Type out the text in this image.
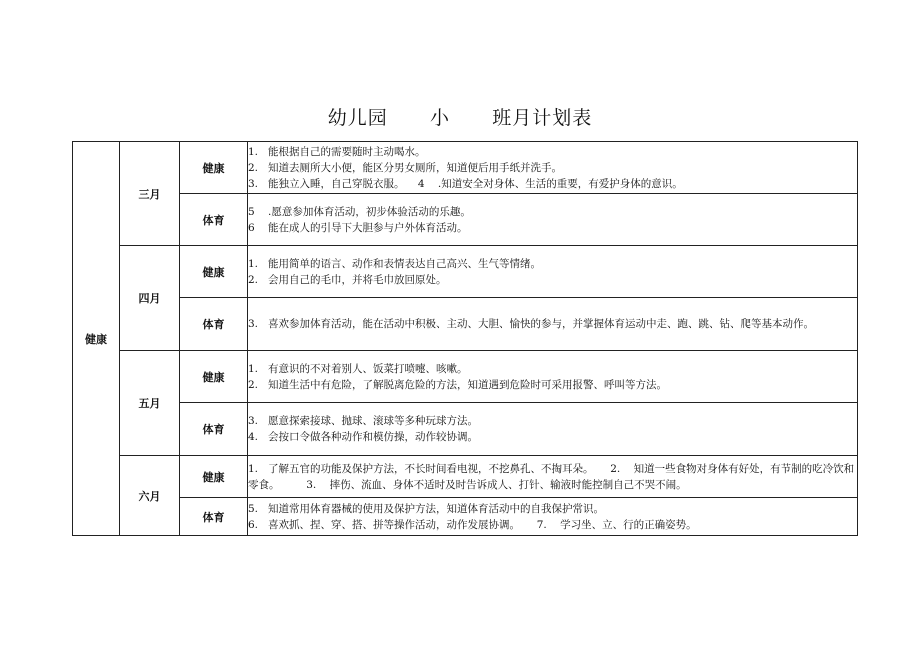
幼儿园      小      班月计划表
健康	三月	健康	1.   能根据自己的需要随时主动喝水。
2.   知道去厕所大小便，能区分男女厕所，知道便后用手纸并洗手。
3.   能独立入睡，自己穿脱衣服。    4    .知道安全对身体、生活的重要，有爱护身体的意识。

		体育	5    .愿意参加体育活动，初步体验活动的乐趣。
6    能在成人的引导下大胆参与户外体育活动。

	四月	健康	1.   能用简单的语言、动作和表情表达自己高兴、生气等情绪。
2.   会用自己的毛巾，并将毛巾放回原处。

		体育	3.   喜欢参加体育活动，能在活动中积极、主动、大胆、愉快的参与，并掌握体育运动中走、跑、跳、钻、爬等基本动作。

	五月	健康	1.   有意识的不对着别人、饭菜打喷嚏、咳嗽。
2.   知道生活中有危险，了解脱离危险的方法，知道遇到危险时可采用报警、呼叫等方法。

		体育	3.   愿意探索接球、抛球、滚球等多种玩球方法。
4.   会按口令做各种动作和模仿操，动作较协调。

	六月	健康	1.   了解五官的功能及保护方法，不长时间看电视，不挖鼻孔、不掏耳朵。     2.    知道一些食物对身体有好处，有节制的吃冷饮和零食。        3.    摔伤、流血、身体不适时及时告诉成人、打针、输液时能控制自己不哭不闹。

		体育	5.   知道常用体育器械的使用及保护方法，知道体育活动中的自我保护常识。
6.   喜欢抓、捏、穿、搭、拼等操作活动，动作发展协调。     7.    学习坐、立、行的正确姿势。
